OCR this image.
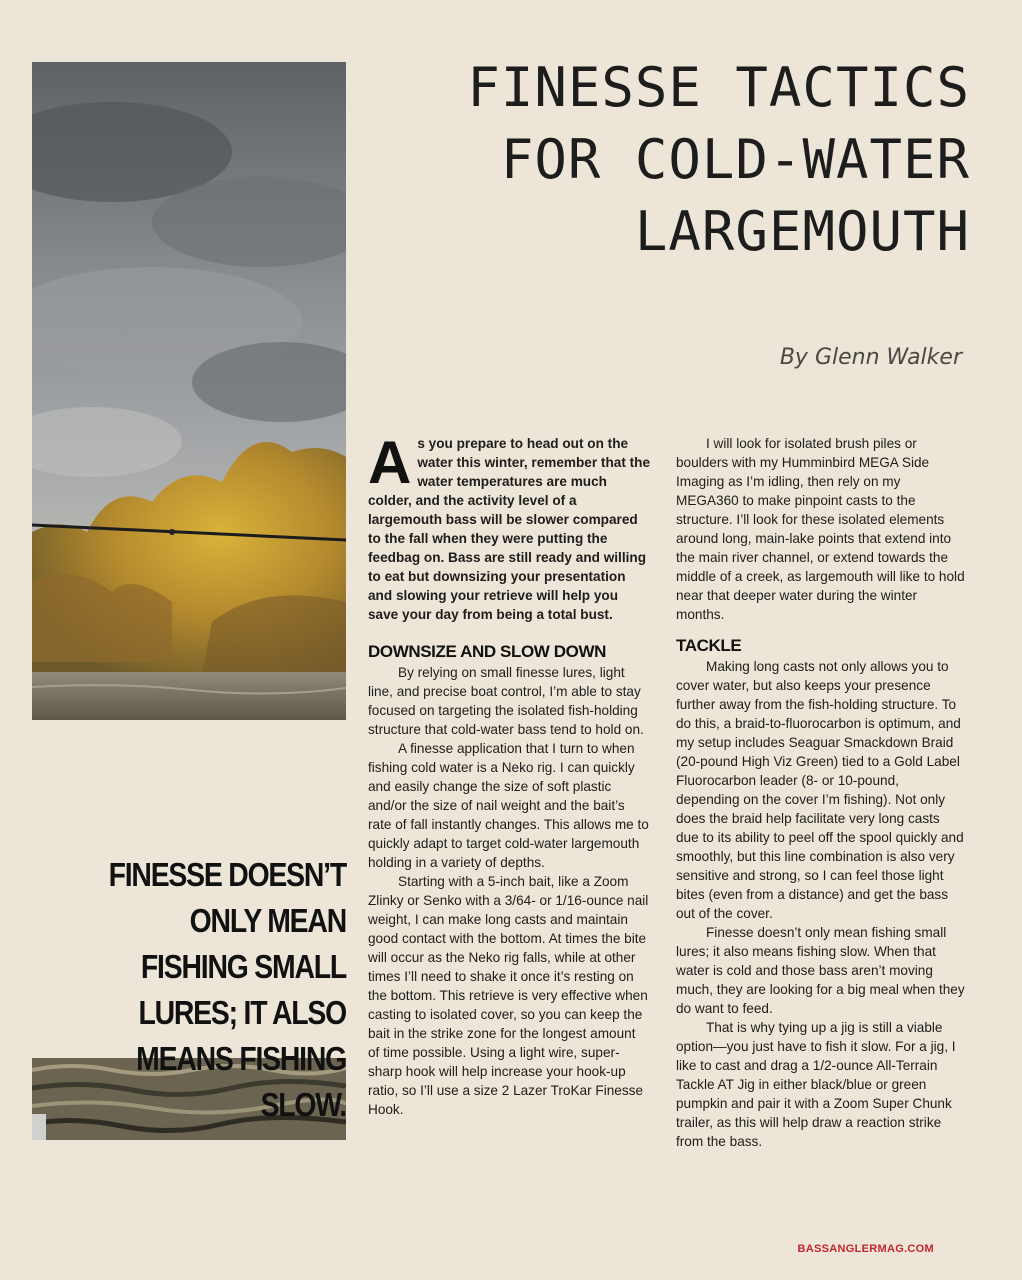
FINESSE TACTICS
FOR COLD-WATER
LARGEMOUTH
By Glenn Walker

FINESSE DOESN’T ONLY MEAN FISHING SMALL LURES; IT ALSO MEANS FISHING SLOW.

As you prepare to head out on the water this winter, remember that the water temperatures are much colder, and the activity level of a largemouth bass will be slower compared to the fall when they were putting the feedbag on. Bass are still ready and willing to eat but downsizing your presentation and slowing your retrieve will help you save your day from being a total bust.

DOWNSIZE AND SLOW DOWN

By relying on small finesse lures, light line, and precise boat control, I’m able to stay focused on targeting the isolated fish-holding structure that cold-water bass tend to hold on.

A finesse application that I turn to when fishing cold water is a Neko rig. I can quickly and easily change the size of soft plastic and/or the size of nail weight and the bait’s rate of fall instantly changes. This allows me to quickly adapt to target cold-water largemouth holding in a variety of depths.

Starting with a 5-inch bait, like a Zoom Zlinky or Senko with a 3/64- or 1/16-ounce nail weight, I can make long casts and maintain good contact with the bottom. At times the bite will occur as the Neko rig falls, while at other times I’ll need to shake it once it’s resting on the bottom. This retrieve is very effective when casting to isolated cover, so you can keep the bait in the strike zone for the longest amount of time possible. Using a light wire, super-sharp hook will help increase your hook-up ratio, so I’ll use a size 2 Lazer TroKar Finesse Hook.

I will look for isolated brush piles or boulders with my Humminbird MEGA Side Imaging as I’m idling, then rely on my MEGA360 to make pinpoint casts to the structure. I’ll look for these isolated elements around long, main-lake points that extend into the main river channel, or extend towards the middle of a creek, as largemouth will like to hold near that deeper water during the winter months.

TACKLE

Making long casts not only allows you to cover water, but also keeps your presence further away from the fish-holding structure. To do this, a braid-to-fluorocarbon is optimum, and my setup includes Seaguar Smackdown Braid (20-pound High Viz Green) tied to a Gold Label Fluorocarbon leader (8- or 10-pound, depending on the cover I’m fishing). Not only does the braid help facilitate very long casts due to its ability to peel off the spool quickly and smoothly, but this line combination is also very sensitive and strong, so I can feel those light bites (even from a distance) and get the bass out of the cover.

Finesse doesn’t only mean fishing small lures; it also means fishing slow. When that water is cold and those bass aren’t moving much, they are looking for a big meal when they do want to feed.

That is why tying up a jig is still a viable option—you just have to fish it slow. For a jig, I like to cast and drag a 1/2-ounce All-Terrain Tackle AT Jig in either black/blue or green pumpkin and pair it with a Zoom Super Chunk trailer, as this will help draw a reaction strike from the bass.

BASSANGLERMAG.COM
